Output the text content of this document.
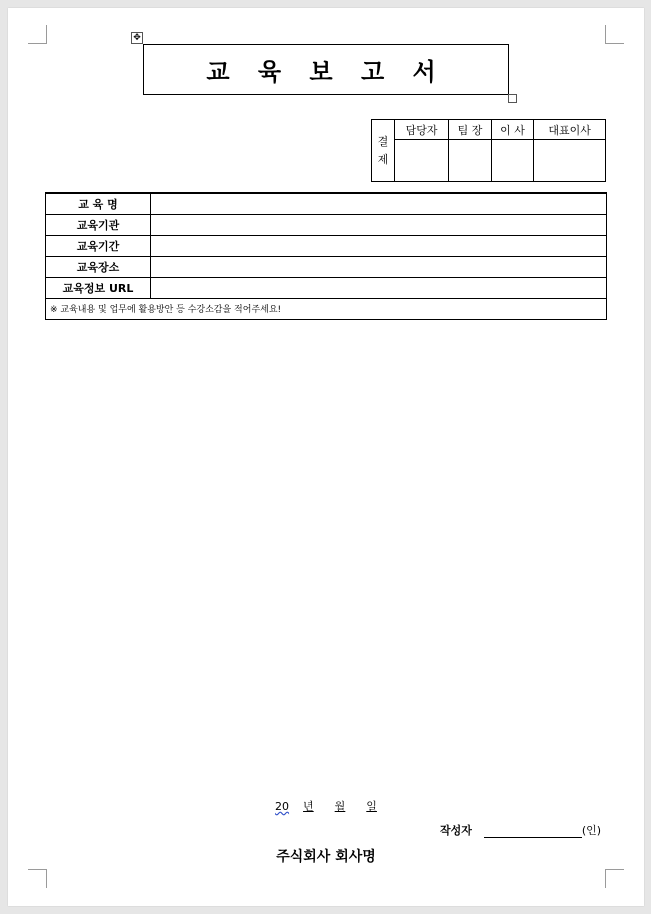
✥
교 육 보 고 서
결
제	담당자	팀 장	이 사	대표이사

교 육 명	
교육기관	
교육기간	
교육장소	
교육정보 URL	

※ 교육내용 및 업무에 활용방안 등 수강소감을 적어주세요!	
20 년 월 일
작성자	(인)
주식회사 회사명
